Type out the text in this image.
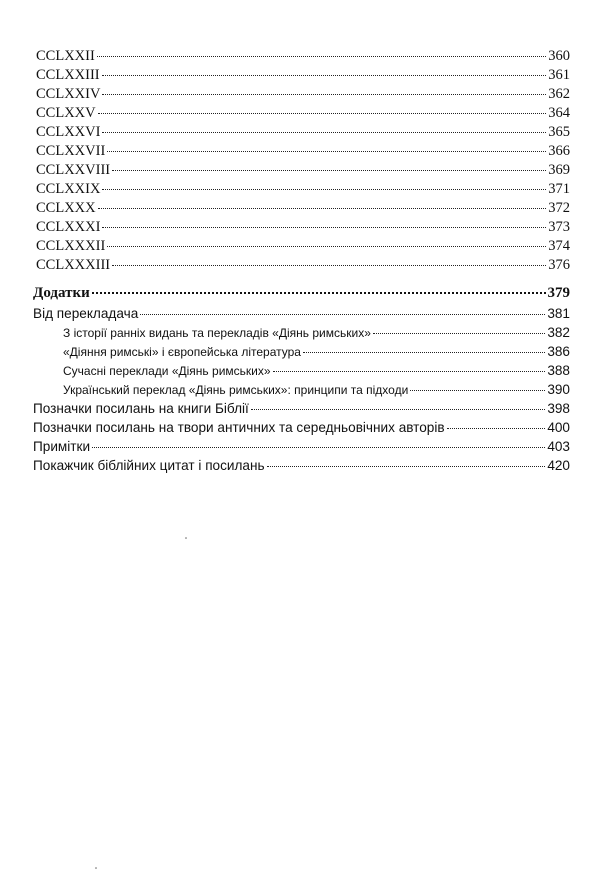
CCLXXII	360
CCLXXIII	361
CCLXXIV	362
CCLXXV	364
CCLXXVI	365
CCLXXVII	366
CCLXXVIII	369
CCLXXIX	371
CCLXXX	372
CCLXXXI	373
CCLXXXII	374
CCLXXXIII	376
Додатки	379
Від перекладача	381
З історії ранніх видань та перекладів «Діянь римських»	382
«Діяння римські» і європейська література	386
Сучасні переклади «Діянь римських»	388
Український переклад «Діянь римських»: принципи та підходи	390
Позначки посилань на книги Біблії	398
Позначки посилань на твори античних та середньовічних авторів	400
Примітки	403
Покажчик біблійних цитат і посилань	420
